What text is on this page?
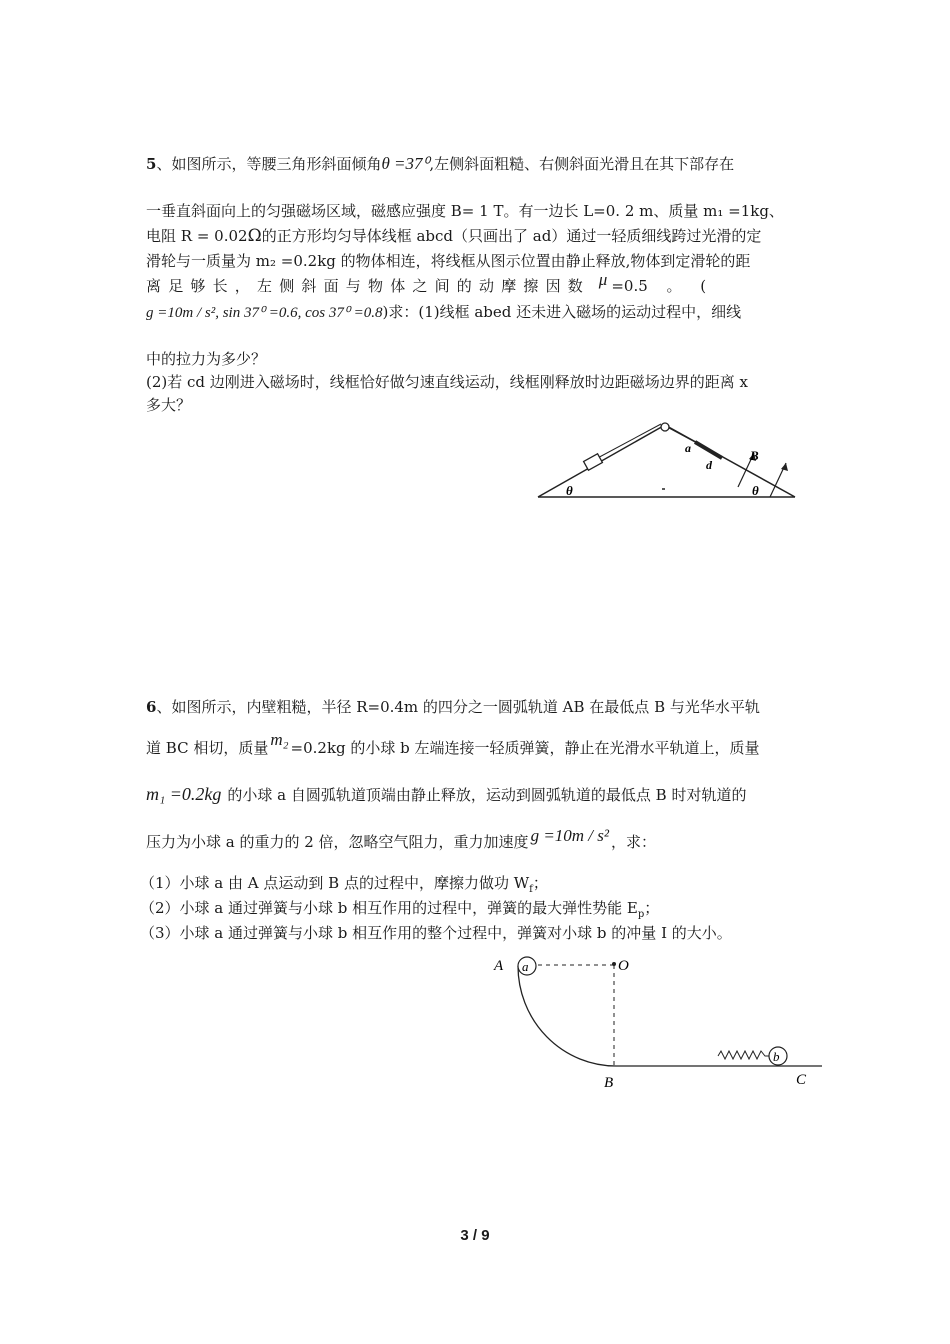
5、如图所示，等腰三角形斜面倾角θ =37⁰,左侧斜面粗糙、右侧斜面光滑且在其下部存在
一垂直斜面向上的匀强磁场区域，磁感应强度 B= 1 T。有一边长 L=0. 2 m、质量 m₁ =1kg、
电阻 R = 0.02Ω的正方形均匀导体线框 abcd（只画出了 ad）通过一轻质细线跨过光滑的定
滑轮与一质量为 m₂ =0.2kg 的物体相连，将线框从图示位置由静止释放,物体到定滑轮的距
离足够长，左侧斜面与物体之间的动摩擦因数 μ =0.5 。 (
g =10m / s², sin 37⁰ =0.6, cos 37⁰ =0.8)求：(1)线框 abed 还未进入磁场的运动过程中，细线
中的拉力为多少？
(2)若 cd 边刚进入磁场时，线框恰好做匀速直线运动，线框刚释放时边距磁场边界的距离 x
多大？
θ	θ
a
d
B
6、如图所示，内壁粗糙，半径 R=0.4m 的四分之一圆弧轨道 AB 在最低点 B 与光华水平轨
道 BC 相切，质量 m₂ =0.2kg 的小球 b 左端连接一轻质弹簧，静止在光滑水平轨道上，质量
m₁ =0.2kg 的小球 a 自圆弧轨道顶端由静止释放，运动到圆弧轨道的最低点 B 时对轨道的
压力为小球 a 的重力的 2 倍，忽略空气阻力，重力加速度 g =10m / s² ，求：
（1）小球 a 由 A 点运动到 B 点的过程中，摩擦力做功 $W_f$；
（2）小球 a 通过弹簧与小球 b 相互作用的过程中，弹簧的最大弹性势能 $E_p$；
（3）小球 a 通过弹簧与小球 b 相互作用的整个过程中，弹簧对小球 b 的冲量 I 的大小。
a
b
A	O
B	C
3 / 9
